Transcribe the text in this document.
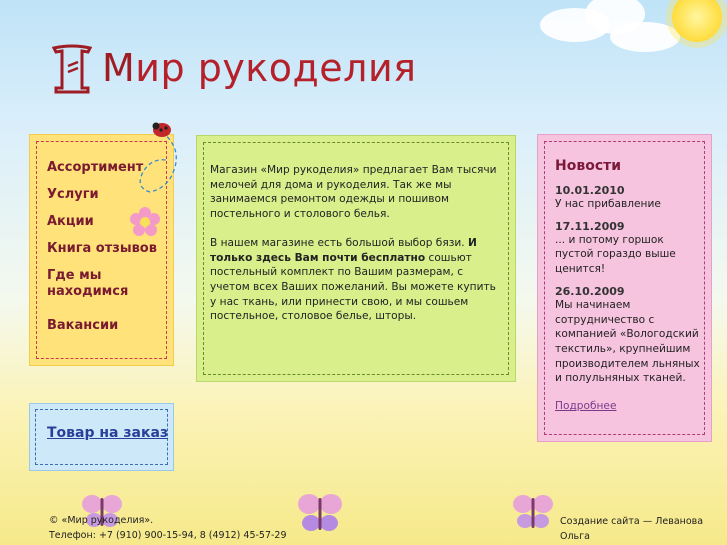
Мир рукоделия
Ассортимент
Услуги
Акции
Книга отзывов
Где мы находимся
Вакансии
Товар на заказ

Магазин «Мир рукоделия» предлагает Вам тысячи мелочей для дома и рукоделия. Так же мы занимаемся ремонтом одежды и пошивом постельного и столового белья.

В нашем магазине есть большой выбор бязи. И только здесь Вам почти бесплатно сошьют постельный комплект по Вашим размерам, с учетом всех Ваших пожеланий. Вы можете купить у нас ткань, или принести свою, и мы сошьем постельное, столовое белье, шторы.

Новости
10.01.2010
У нас прибавление
17.11.2009
... и потому горшок пустой гораздо выше ценится!
26.10.2009
Мы начинаем сотрудничество с компанией «Вологодский текстиль», крупнейшим производителем льняных и полульняных тканей.
Подробнее
© «Мир рукоделия».
Телефон: +7 (910) 900-15-94, 8 (4912) 45-57-29
Создание сайта — Леванова Ольга
